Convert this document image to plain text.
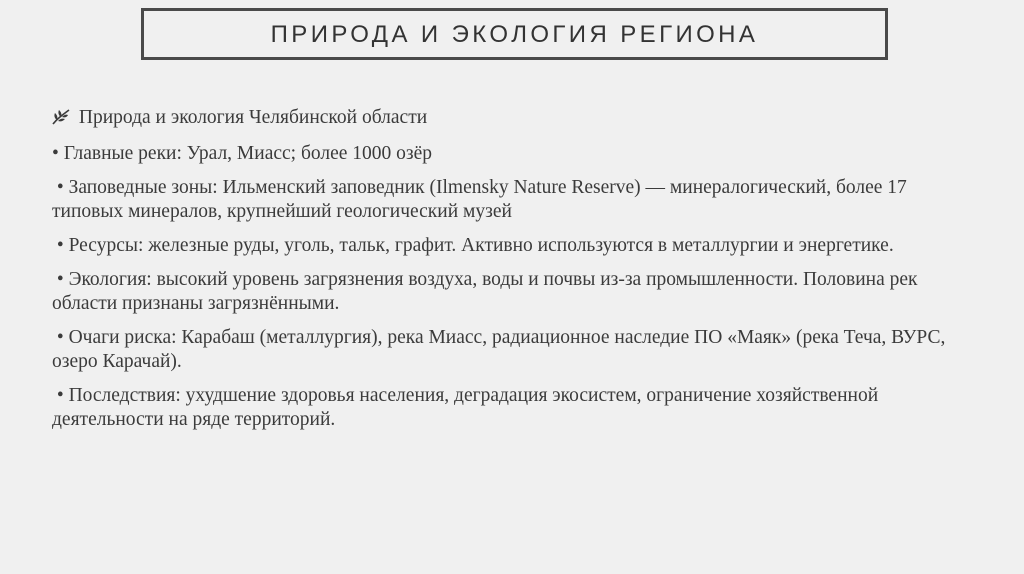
ПРИРОДА И ЭКОЛОГИЯ РЕГИОНА
Природа и экология Челябинской области
• Главные реки: Урал, Миасс; более 1000 озёр
• Заповедные зоны: Ильменский заповедник (Ilmensky Nature Reserve) — минералогический, более 17 типовых минералов, крупнейший геологический музей
• Ресурсы: железные руды, уголь, тальк, графит. Активно используются в металлургии и энергетике.
• Экология: высокий уровень загрязнения воздуха, воды и почвы из-за промышленности. Половина рек области признаны загрязнёнными.
• Очаги риска: Карабаш (металлургия), река Миасс, радиационное наследие ПО «Маяк» (река Теча, ВУРС, озеро Карачай).
• Последствия: ухудшение здоровья населения, деградация экосистем, ограничение хозяйственной деятельности на ряде территорий.
